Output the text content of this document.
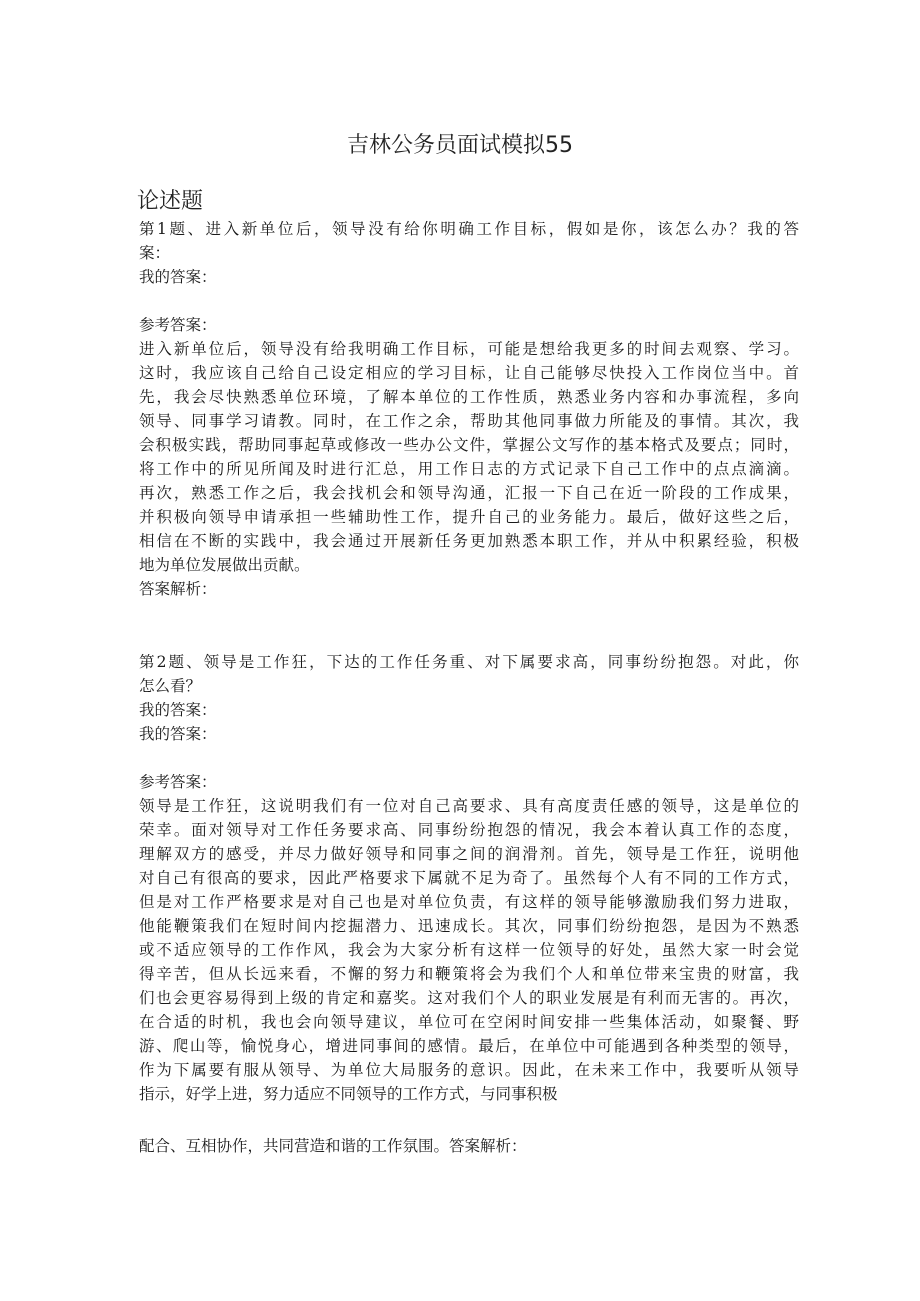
吉林公务员面试模拟55
论述题
第1题、进入新单位后，领导没有给你明确工作目标，假如是你，该怎么办？我的答
案：
我的答案：
参考答案：
进入新单位后，领导没有给我明确工作目标，可能是想给我更多的时间去观察、学习。
这时，我应该自己给自己设定相应的学习目标，让自己能够尽快投入工作岗位当中。首
先，我会尽快熟悉单位环境，了解本单位的工作性质，熟悉业务内容和办事流程，多向
领导、同事学习请教。同时，在工作之余，帮助其他同事做力所能及的事情。其次，我
会积极实践，帮助同事起草或修改一些办公文件，掌握公文写作的基本格式及要点；同时，
将工作中的所见所闻及时进行汇总，用工作日志的方式记录下自己工作中的点点滴滴。
再次，熟悉工作之后，我会找机会和领导沟通，汇报一下自己在近一阶段的工作成果，
并积极向领导申请承担一些辅助性工作，提升自己的业务能力。最后，做好这些之后，
相信在不断的实践中，我会通过开展新任务更加熟悉本职工作，并从中积累经验，积极
地为单位发展做出贡献。
答案解析：
第2题、领导是工作狂，下达的工作任务重、对下属要求高，同事纷纷抱怨。对此，你
怎么看？
我的答案：
我的答案：
参考答案：
领导是工作狂，这说明我们有一位对自己高要求、具有高度责任感的领导，这是单位的
荣幸。面对领导对工作任务要求高、同事纷纷抱怨的情况，我会本着认真工作的态度，
理解双方的感受，并尽力做好领导和同事之间的润滑剂。首先，领导是工作狂，说明他
对自己有很高的要求，因此严格要求下属就不足为奇了。虽然每个人有不同的工作方式，
但是对工作严格要求是对自己也是对单位负责，有这样的领导能够激励我们努力进取，
他能鞭策我们在短时间内挖掘潜力、迅速成长。其次，同事们纷纷抱怨，是因为不熟悉
或不适应领导的工作作风，我会为大家分析有这样一位领导的好处，虽然大家一时会觉
得辛苦，但从长远来看，不懈的努力和鞭策将会为我们个人和单位带来宝贵的财富，我
们也会更容易得到上级的肯定和嘉奖。这对我们个人的职业发展是有利而无害的。再次，
在合适的时机，我也会向领导建议，单位可在空闲时间安排一些集体活动，如聚餐、野
游、爬山等，愉悦身心，增进同事间的感情。最后，在单位中可能遇到各种类型的领导，
作为下属要有服从领导、为单位大局服务的意识。因此，在未来工作中，我要听从领导
指示，好学上进，努力适应不同领导的工作方式，与同事积极
配合、互相协作，共同营造和谐的工作氛围。答案解析：
